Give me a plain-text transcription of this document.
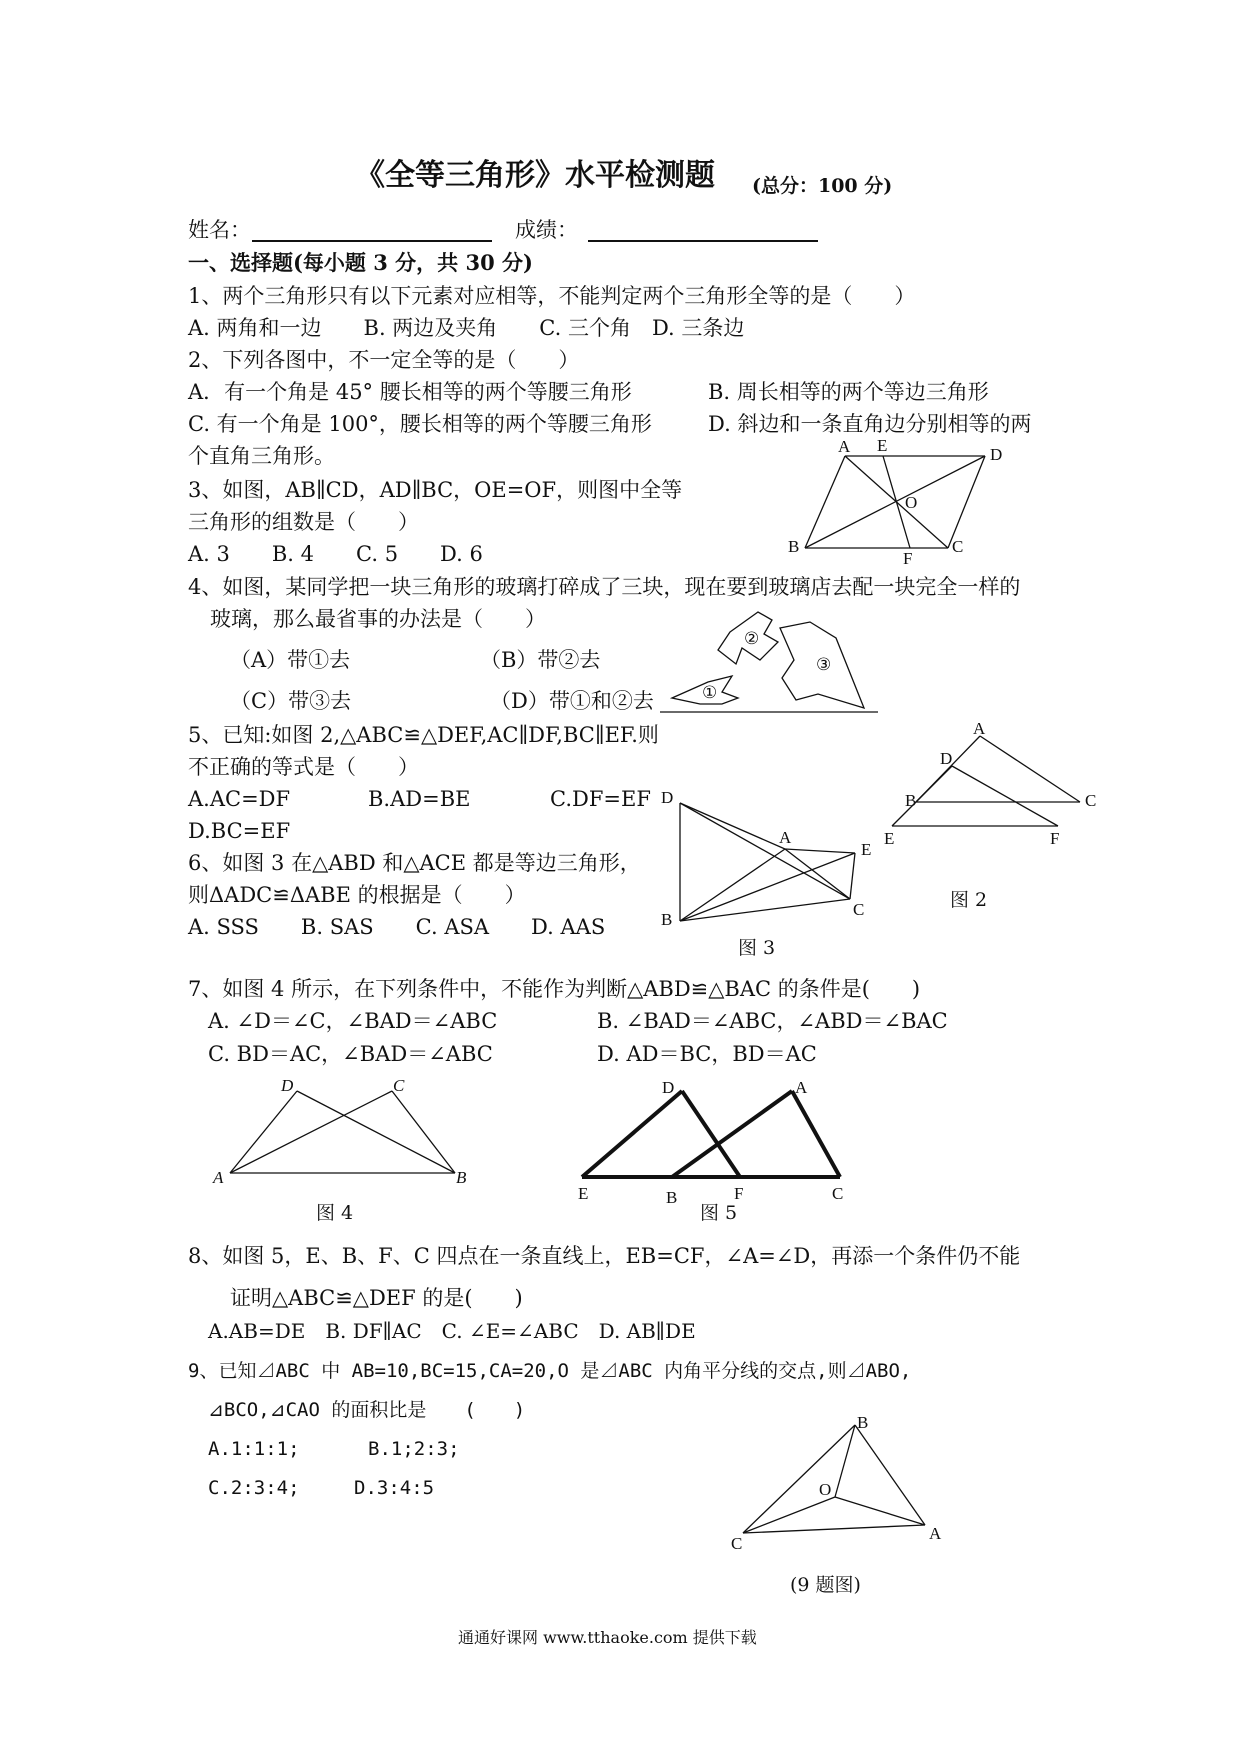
《全等三角形》水平检测题 (总分：100 分)
姓名：	成绩：
一、选择题(每小题 3 分，共 30 分)
1、两个三角形只有以下元素对应相等，不能判定两个三角形全等的是（　　）
A. 两角和一边　　B. 两边及夹角　　C. 三个角　D. 三条边
2、下列各图中，不一定全等的是（　　）
A．有一个角是 45° 腰长相等的两个等腰三角形	B. 周长相等的两个等边三角形
C. 有一个角是 100°，腰长相等的两个等腰三角形	D. 斜边和一条直角边分别相等的两
个直角三角形。
3、如图，AB∥CD，AD∥BC，OE=OF，则图中全等
三角形的组数是（　　）
A. 3　　B. 4　　C. 5　　D. 6
A E	D
O
B
F
C
4、如图，某同学把一块三角形的玻璃打碎成了三块，现在要到玻璃店去配一块完全一样的
玻璃，那么最省事的办法是（　　）
（A）带①去	（B）带②去
（C）带③去	（D）带①和②去	①
②
③
5、已知:如图 2,△ABC≌△DEF,AC∥DF,BC∥EF.则
不正确的等式是（　　）
A.AC=DF	B.AD=BE	C.DF=EF
D.BC=EF
A
D
B	C
E	F
图 2
6、如图 3 在△ABD 和△ACE 都是等边三角形，
则ΔADC≌ΔABE 的根据是（　　）
A. SSS　　B. SAS　　C. ASA　　D. AAS
D
A
E
B
C
图 3
7、如图 4 所示，在下列条件中，不能作为判断△ABD≌△BAC 的条件是(　　)
A. ∠D＝∠C，∠BAD＝∠ABC	B. ∠BAD＝∠ABC，∠ABD＝∠BAC
C. BD＝AC，∠BAD＝∠ABC	D. AD＝BC，BD＝AC
D	C
A	B
图 4
D	A
E	B	F	C
图 5
8、如图 5，E、B、F、C 四点在一条直线上，EB=CF，∠A=∠D，再添一个条件仍不能
证明△ABC≌△DEF 的是(　　)
A.AB=DE　B. DF∥AC　C. ∠E=∠ABC　D. AB∥DE
9、已知⊿ABC 中 AB=10,BC=15,CA=20,O 是⊿ABC 内角平分线的交点,则⊿ABO,
⊿BCO,⊿CAO 的面积比是　　(　　)
A.1:1:1;	B.1;2:3;
C.2:3:4;	D.3:4:5
B
O
C
A
(9 题图)
通通好课网 www.tthaoke.com 提供下载
